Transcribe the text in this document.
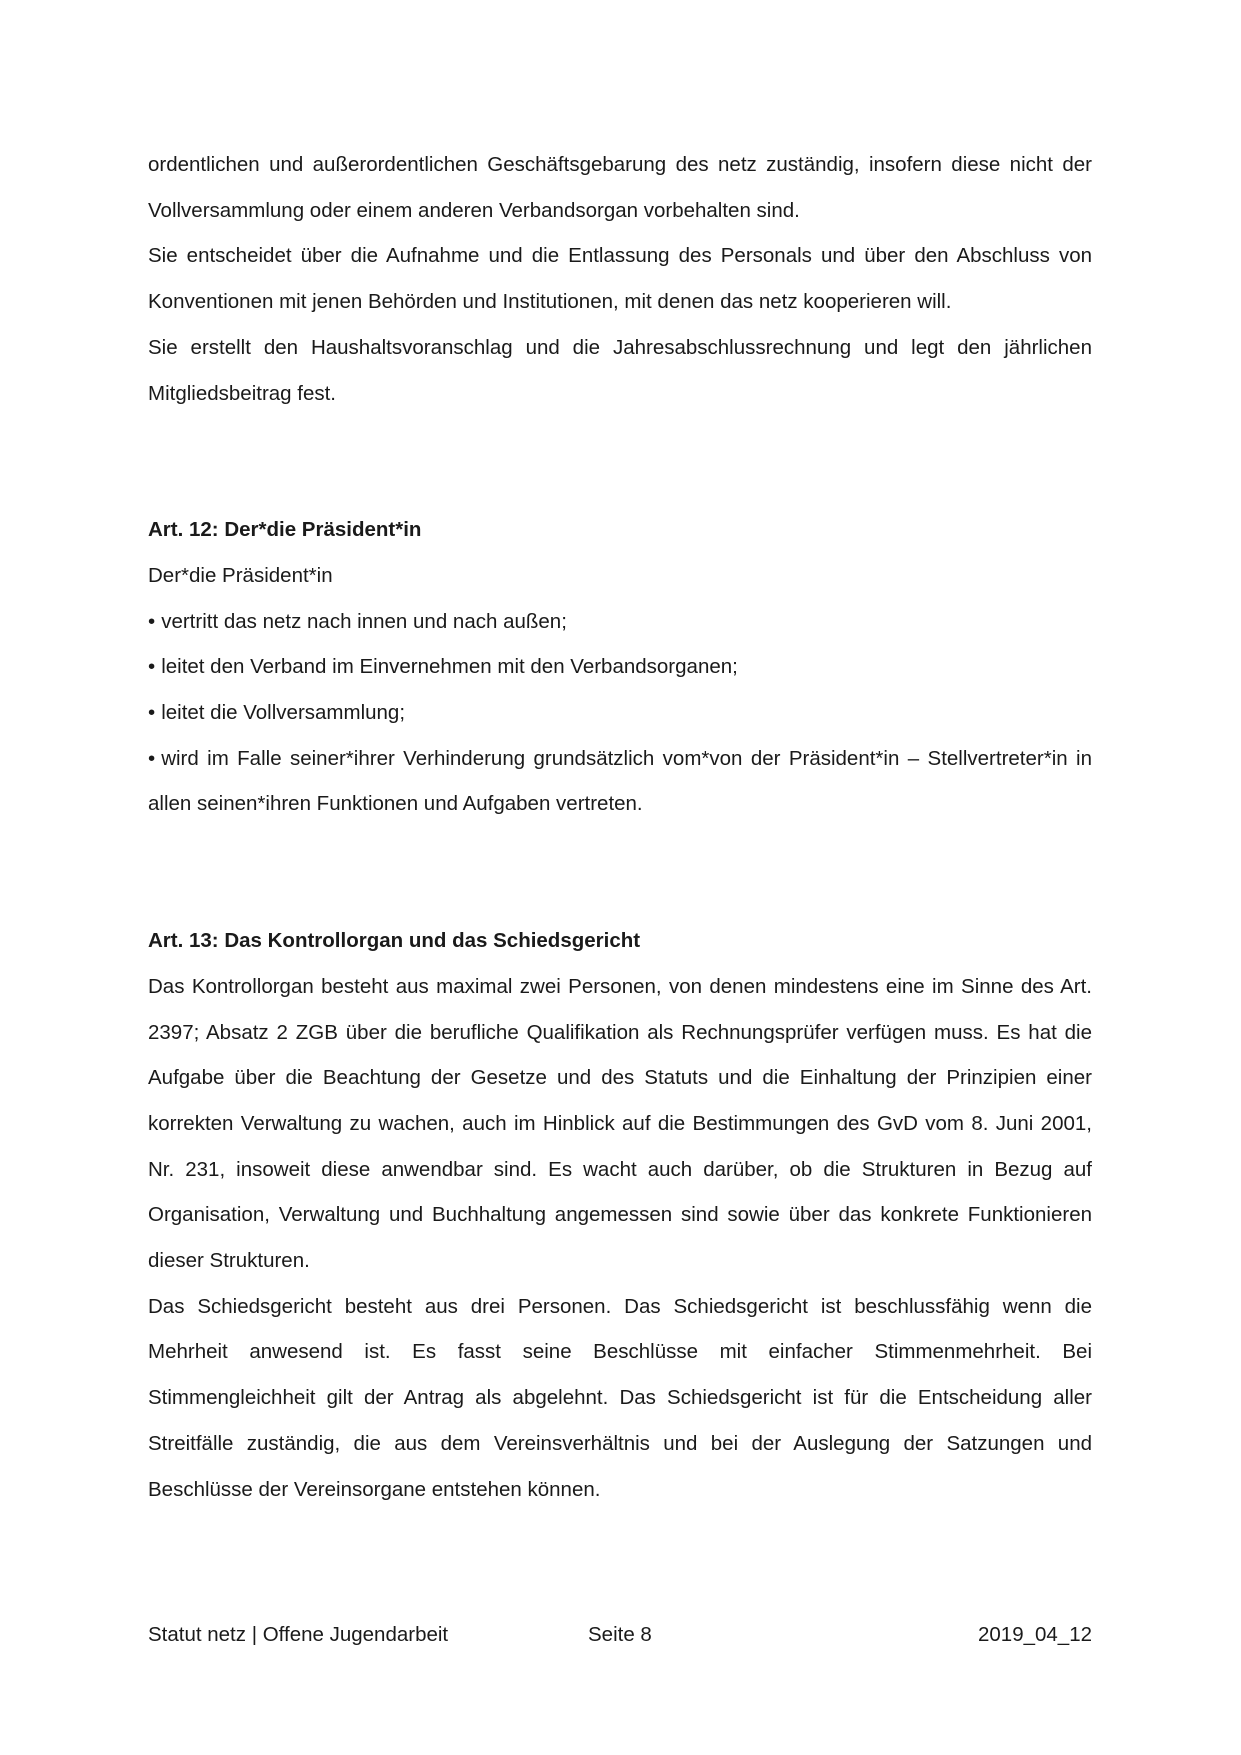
ordentlichen und außerordentlichen Geschäftsgebarung des netz zuständig, insofern diese nicht der Vollversammlung oder einem anderen Verbandsorgan vorbehalten sind.

Sie entscheidet über die Aufnahme und die Entlassung des Personals und über den Abschluss von Konventionen mit jenen Behörden und Institutionen, mit denen das netz kooperieren will.

Sie erstellt den Haushaltsvoranschlag und die Jahresabschlussrechnung und legt den jährlichen Mitgliedsbeitrag fest.

Art. 12: Der*die Präsident*in

Der*die Präsident*in

• vertritt das netz nach innen und nach außen;
• leitet den Verband im Einvernehmen mit den Verbandsorganen;
• leitet die Vollversammlung;
• wird im Falle seiner*ihrer Verhinderung grundsätzlich vom*von der Präsident*in – Stellvertreter*in in allen seinen*ihren Funktionen und Aufgaben vertreten.

Art. 13: Das Kontrollorgan und das Schiedsgericht

Das Kontrollorgan besteht aus maximal zwei Personen, von denen mindestens eine im Sinne des Art. 2397; Absatz 2 ZGB über die berufliche Qualifikation als Rechnungsprüfer verfügen muss. Es hat die Aufgabe über die Beachtung der Gesetze und des Statuts und die Einhaltung der Prinzipien einer korrekten Verwaltung zu wachen, auch im Hinblick auf die Bestimmungen des GvD vom 8. Juni 2001, Nr. 231, insoweit diese anwendbar sind. Es wacht auch darüber, ob die Strukturen in Bezug auf Organisation, Verwaltung und Buchhaltung angemessen sind sowie über das konkrete Funktionieren dieser Strukturen.

Das Schiedsgericht besteht aus drei Personen. Das Schiedsgericht ist beschlussfähig wenn die Mehrheit anwesend ist. Es fasst seine Beschlüsse mit einfacher Stimmenmehrheit. Bei Stimmengleichheit gilt der Antrag als abgelehnt. Das Schiedsgericht ist für die Entscheidung aller Streitfälle zuständig, die aus dem Vereinsverhältnis und bei der Auslegung der Satzungen und Beschlüsse der Vereinsorgane entstehen können.

Statut netz | Offene Jugendarbeit	Seite 8	2019_04_12
